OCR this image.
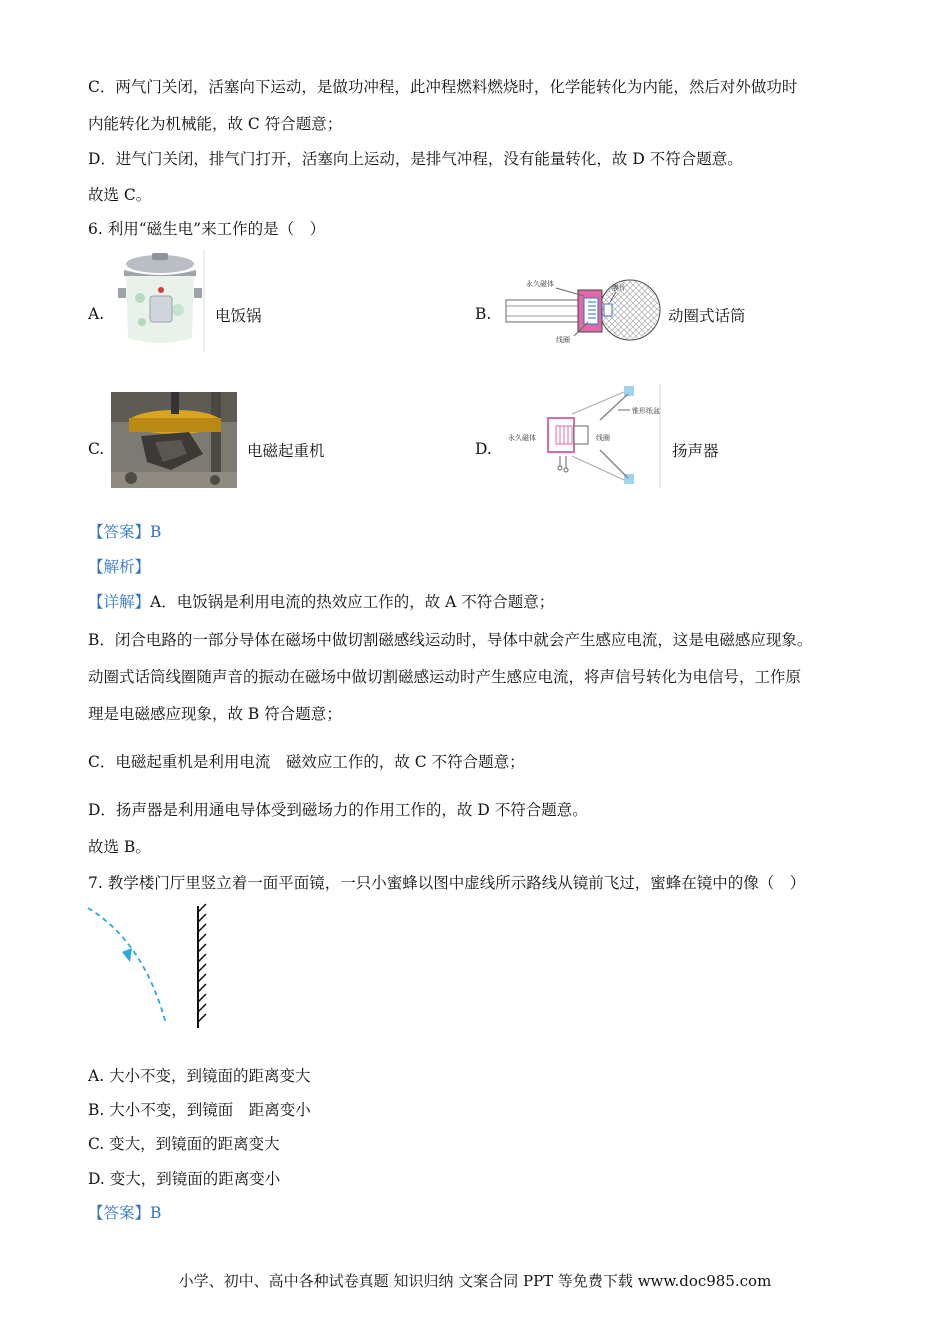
C．两气门关闭，活塞向下运动，是做功冲程，此冲程燃料燃烧时，化学能转化为内能，然后对外做功时
内能转化为机械能，故 C 符合题意；
D．进气门关闭，排气门打开，活塞向上运动，是排气冲程，没有能量转化，故 D 不符合题意。
故选 C。
6. 利用“磁生电”来工作的是（　）
A.	电饭锅	B.
永久磁体	膜片
线圈
动圈式话筒
C.	电磁起重机	D.
锥形纸盆
永久磁体	线圈
扬声器
【答案】B
【解析】
【详解】A．电饭锅是利用电流的热效应工作的，故 A 不符合题意；
B．闭合电路的一部分导体在磁场中做切割磁感线运动时，导体中就会产生感应电流，这是电磁感应现象。
动圈式话筒线圈随声音的振动在磁场中做切割磁感运动时产生感应电流，将声信号转化为电信号，工作原
理是电磁感应现象，故 B 符合题意；
C．电磁起重机是利用电流　磁效应工作的，故 C 不符合题意；
D．扬声器是利用通电导体受到磁场力的作用工作的，故 D 不符合题意。
故选 B。
7. 教学楼门厅里竖立着一面平面镜，一只小蜜蜂以图中虚线所示路线从镜前飞过，蜜蜂在镜中的像（　）
A. 大小不变，到镜面的距离变大
B. 大小不变，到镜面　距离变小
C. 变大，到镜面的距离变大
D. 变大，到镜面的距离变小
【答案】B
小学、初中、高中各种试卷真题 知识归纳 文案合同 PPT 等免费下载 www.doc985.com
